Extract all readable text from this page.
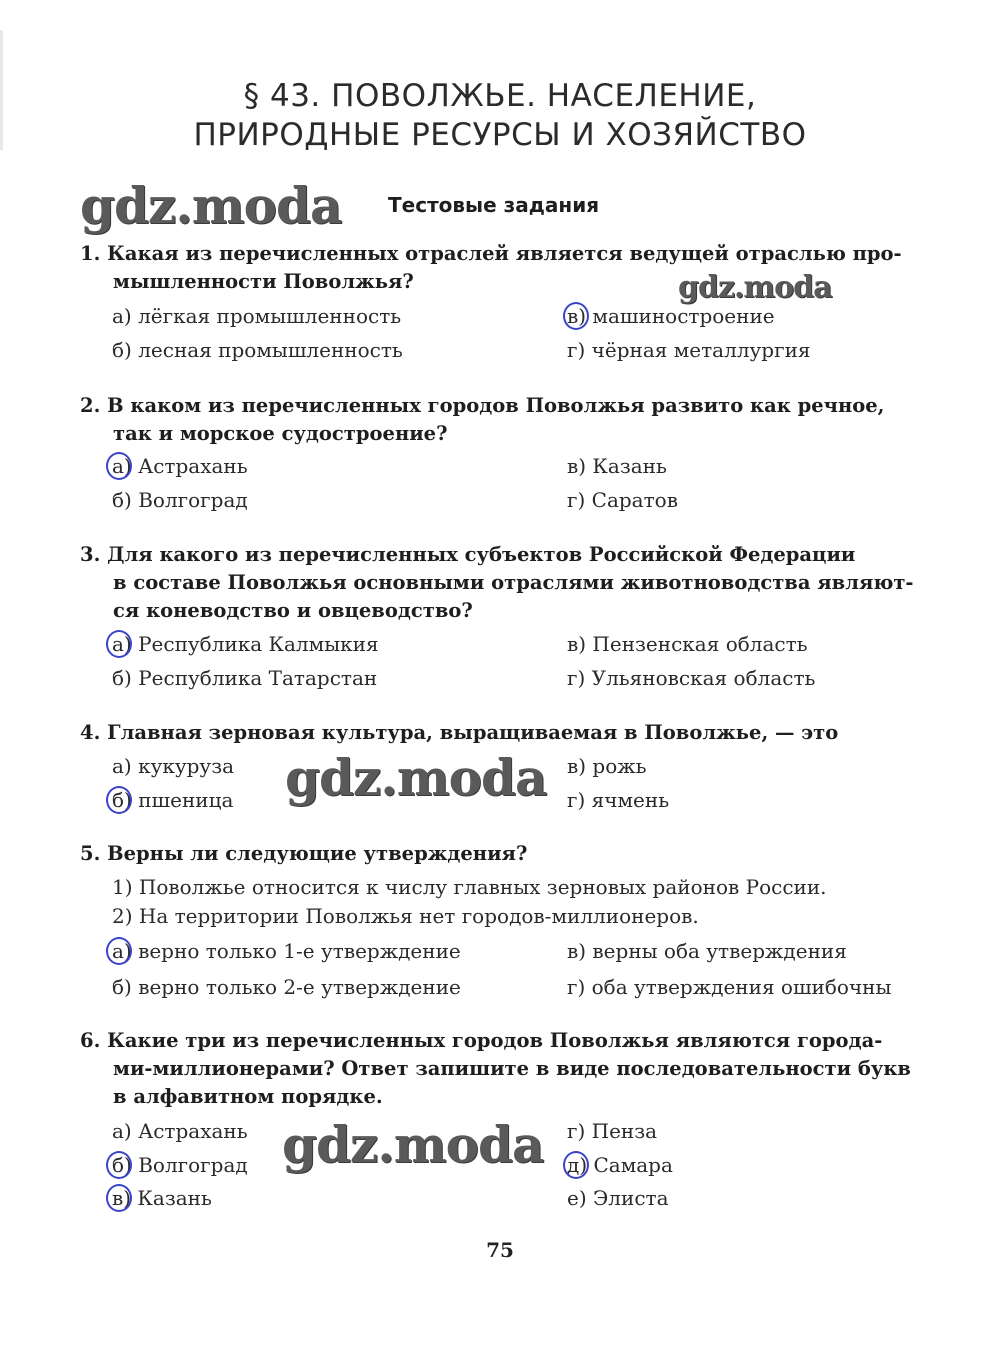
§ 43. ПОВОЛЖЬЕ. НАСЕЛЕНИЕ,
ПРИРОДНЫЕ РЕСУРСЫ И ХОЗЯЙСТВО
gdz.moda Тестовые задания
1. Какая из перечисленных отраслей является ведущей отраслью про-
мышленности Поволжья?	gdz.moda
а) лёгкая промышленность
б) лесная промышленность
в) машиностроение
г) чёрная металлургия
2. В каком из перечисленных городов Поволжья развито как речное,
так и морское судостроение?
а) Астрахань
б) Волгоград
в) Казань
г) Саратов
3. Для какого из перечисленных субъектов Российской Федерации
в составе Поволжья основными отраслями животноводства являют-
ся коневодство и овцеводство?
а) Республика Калмыкия
б) Республика Татарстан
в) Пензенская область
г) Ульяновская область
4. Главная зерновая культура, выращиваемая в Поволжье, — это
а) кукуруза
б) пшеница
в) рожь
г) ячмень
gdz.moda
5. Верны ли следующие утверждения?
1) Поволжье относится к числу главных зерновых районов России.
2) На территории Поволжья нет городов-миллионеров.
а) верно только 1-е утверждение
б) верно только 2-е утверждение
в) верны оба утверждения
г) оба утверждения ошибочны
6. Какие три из перечисленных городов Поволжья являются города-
ми-миллионерами? Ответ запишите в виде последовательности букв
в алфавитном порядке.
а) Астрахань
б) Волгоград
в) Казань
г) Пенза
д) Самара
е) Элиста
gdz.moda
75
